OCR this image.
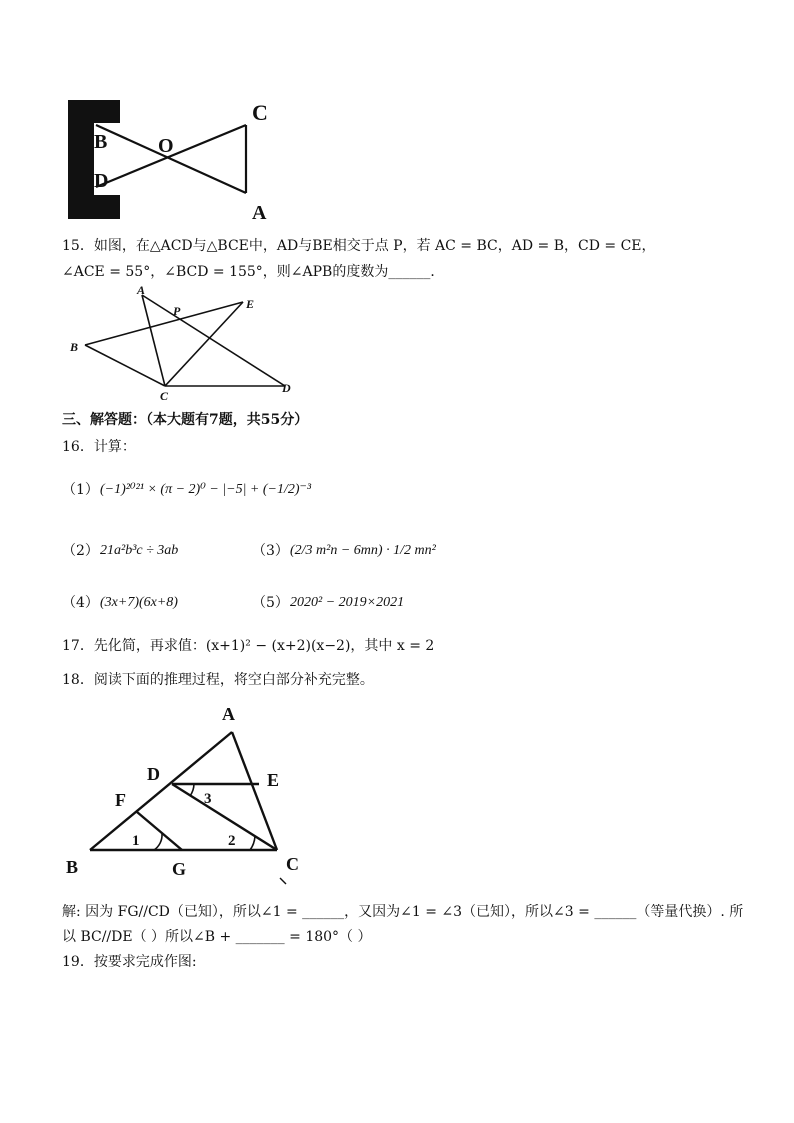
B	O
C
D
A
15．如图，在△ACD与△BCE中，AD与BE相交于点 P，若 AC = BC，AD = B，CD = CE，
∠ACE = 55°，∠BCD = 155°，则∠APB的度数为______．
A
P	E
B
C
D
三、解答题：（本大题有7题，共55分）
16．计算：
（1） (−1)²⁰²¹ × (π − 2)⁰ − |−5| + (−1/2)⁻³
（2） 21a²b³c ÷ 3ab	（3） (2/3 m²n − 6mn) · 1/2 mn²
（4） (3x+7)(6x+8)	（5） 2020² − 2019×2021
17．先化简，再求值：(x+1)² − (x+2)(x−2)，其中 x = 2
18．阅读下面的推理过程，将空白部分补充完整。
A
D	E
F	3
1	2
B	G	C
解: 因为 FG//CD（已知），所以∠1 = ______，又因为∠1 = ∠3（已知），所以∠3 = ______（等量代换）. 所
以 BC//DE（ ）所以∠B + _______ = 180°（ ）
19．按要求完成作图:
